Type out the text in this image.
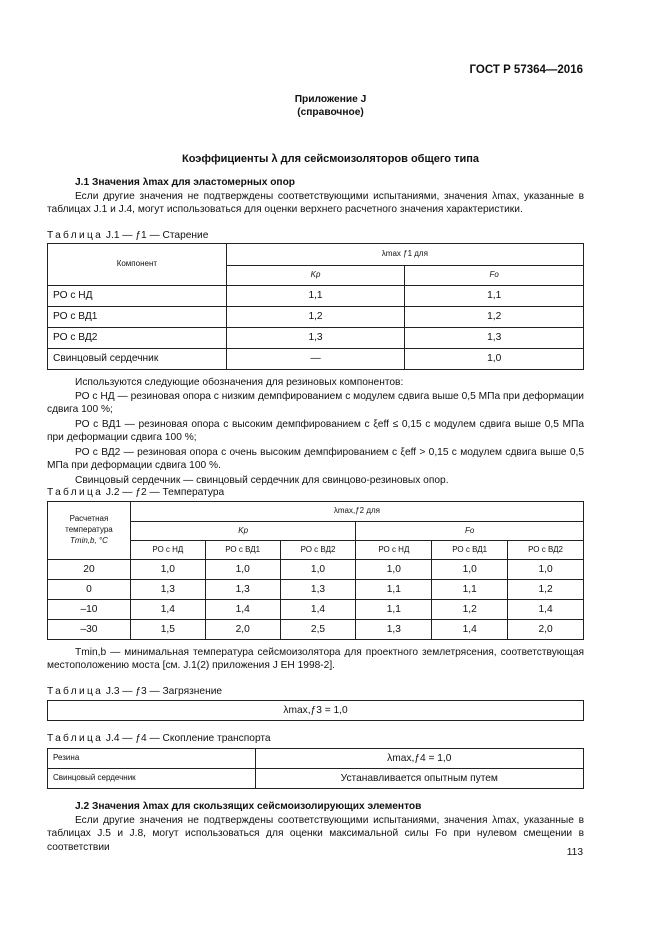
ГОСТ Р 57364—2016
Приложение J
(справочное)
Коэффициенты λ для сейсмоизоляторов общего типа
J.1 Значения λmax для эластомерных опор
Если другие значения не подтверждены соответствующими испытаниями, значения λmax, указанные в таблицах J.1 и J.4, могут использоваться для оценки верхнего расчетного значения характеристики.
Таблица J.1 — ƒ1 — Старение
Компонент	λmax ƒ1 для	
	Kp	Fo
РО с НД	1,1	1,1
РО с ВД1	1,2	1,2
РО с ВД2	1,3	1,3
Свинцовый сердечник	—	1,0
Используются следующие обозначения для резиновых компонентов:
РО с НД — резиновая опора с низким демпфированием с модулем сдвига выше 0,5 МПа при деформации сдвига 100 %;
РО с ВД1 — резиновая опора с высоким демпфированием с ξeff ≤ 0,15 с модулем сдвига выше 0,5 МПа при деформации сдвига 100 %;
РО с ВД2 — резиновая опора с очень высоким демпфированием с ξeff > 0,15 с модулем сдвига выше 0,5 МПа при деформации сдвига 100 %.
Свинцовый сердечник — свинцовый сердечник для свинцово-резиновых опор.
Таблица J.2 — ƒ2 — Температура
Расчетная
температура
Tmin,b, °C	λmax,ƒ2 для					
	Kp			Fo		
	РО с НД	РО с ВД1	РО с ВД2	РО с НД	РО с ВД1	РО с ВД2
20	1,0	1,0	1,0	1,0	1,0	1,0
0	1,3	1,3	1,3	1,1	1,1	1,2
–10	1,4	1,4	1,4	1,1	1,2	1,4
–30	1,5	2,0	2,5	1,3	1,4	2,0
Tmin,b — минимальная температура сейсмоизолятора для проектного землетрясения, соответствующая местоположению моста [см. J.1(2) приложения J ЕН 1998-2].
Таблица J.3 — ƒ3 — Загрязнение
λmax,ƒ3 = 1,0
Таблица J.4 — ƒ4 — Скопление транспорта
Резина	λmax,ƒ4 = 1,0
Свинцовый сердечник	Устанавливается опытным путем
J.2 Значения λmax для скользящих сейсмоизолирующих элементов
Если другие значения не подтверждены соответствующими испытаниями, значения λmax, указанные в таблицах J.5 и J.8, могут использоваться для оценки максимальной силы Fo при нулевом смещении в соответствии	113
